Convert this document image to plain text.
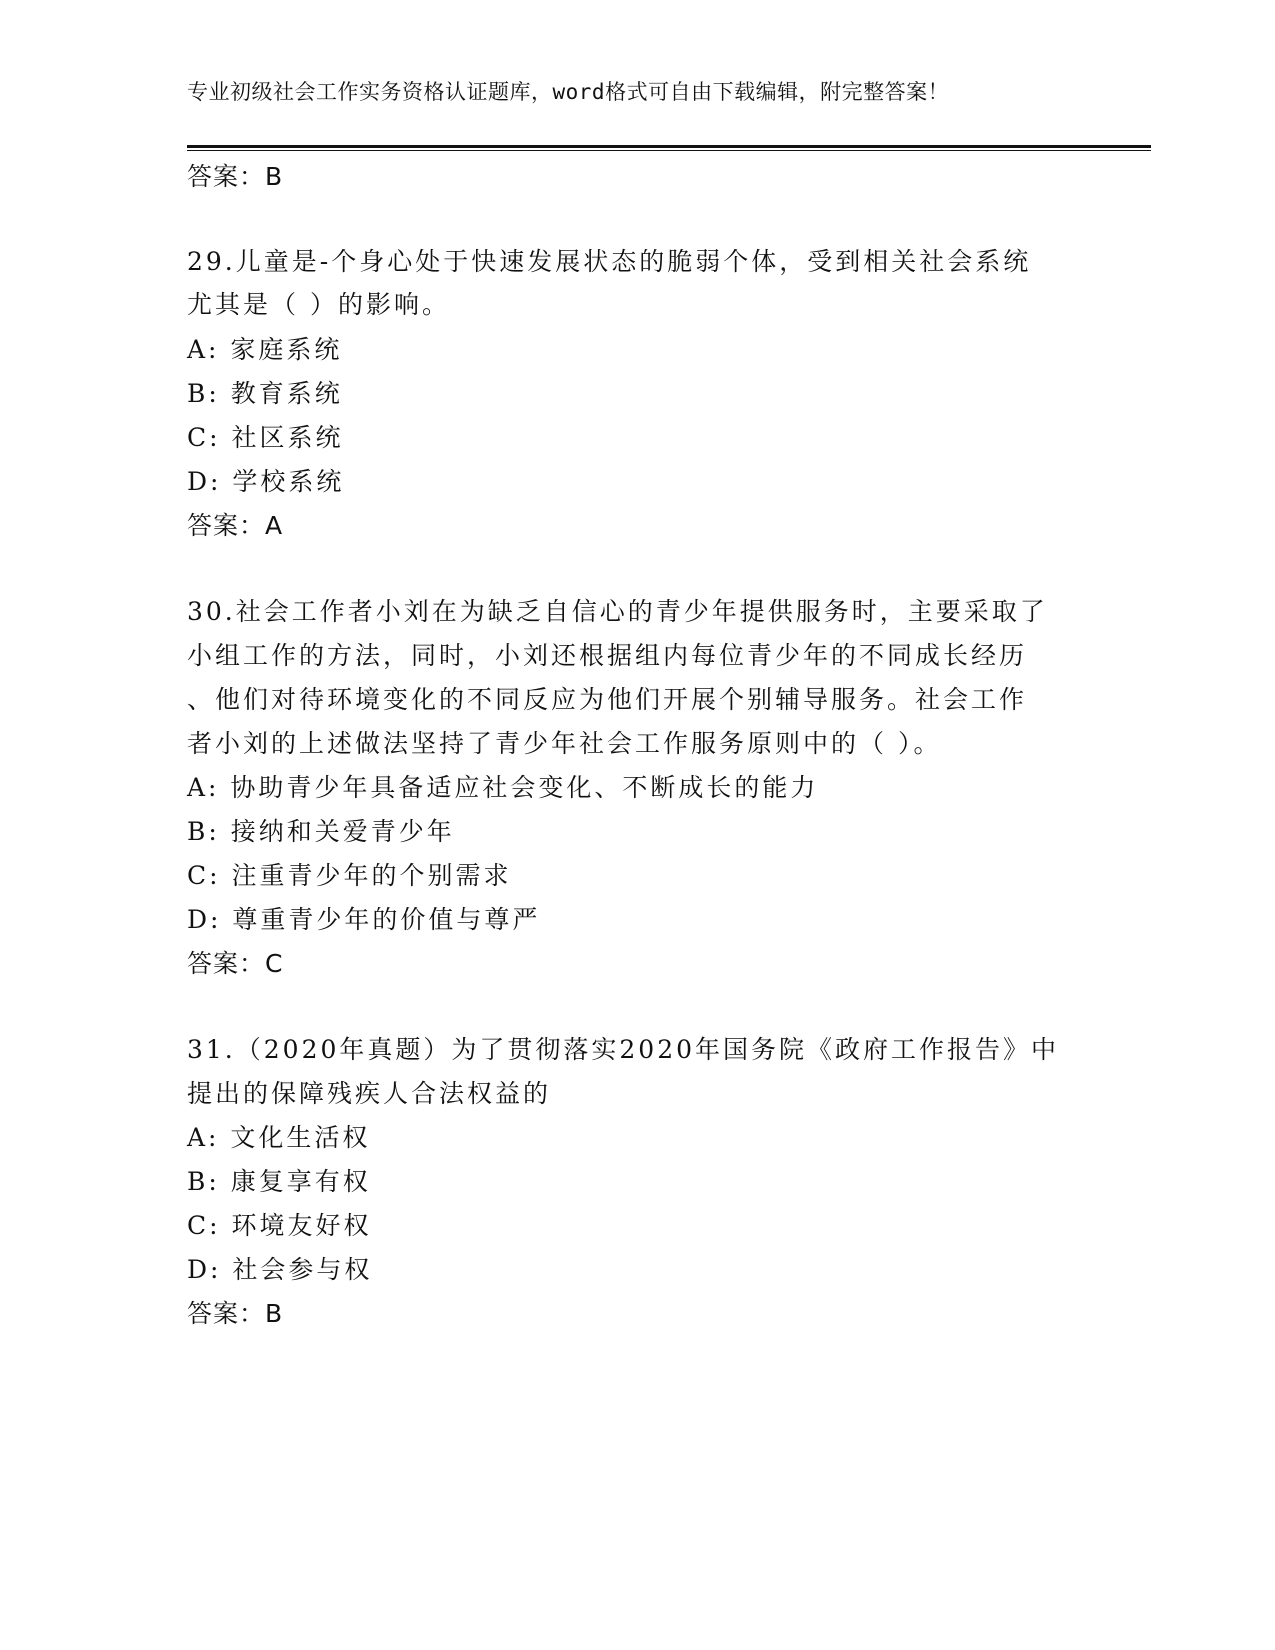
专业初级社会工作实务资格认证题库，word格式可自由下载编辑，附完整答案！
答案：B
29.儿童是-个身心处于快速发展状态的脆弱个体，受到相关社会系统
尤其是（ ）的影响。
A: 家庭系统
B: 教育系统
C: 社区系统
D: 学校系统
答案：A
30.社会工作者小刘在为缺乏自信心的青少年提供服务时，主要采取了
小组工作的方法，同时，小刘还根据组内每位青少年的不同成长经历
、他们对待环境变化的不同反应为他们开展个别辅导服务。社会工作
者小刘的上述做法坚持了青少年社会工作服务原则中的（ ）。
A: 协助青少年具备适应社会变化、不断成长的能力
B: 接纳和关爱青少年
C: 注重青少年的个别需求
D: 尊重青少年的价值与尊严
答案：C
31.（2020年真题）为了贯彻落实2020年国务院《政府工作报告》中
提出的保障残疾人合法权益的
A: 文化生活权
B: 康复享有权
C: 环境友好权
D: 社会参与权
答案：B
